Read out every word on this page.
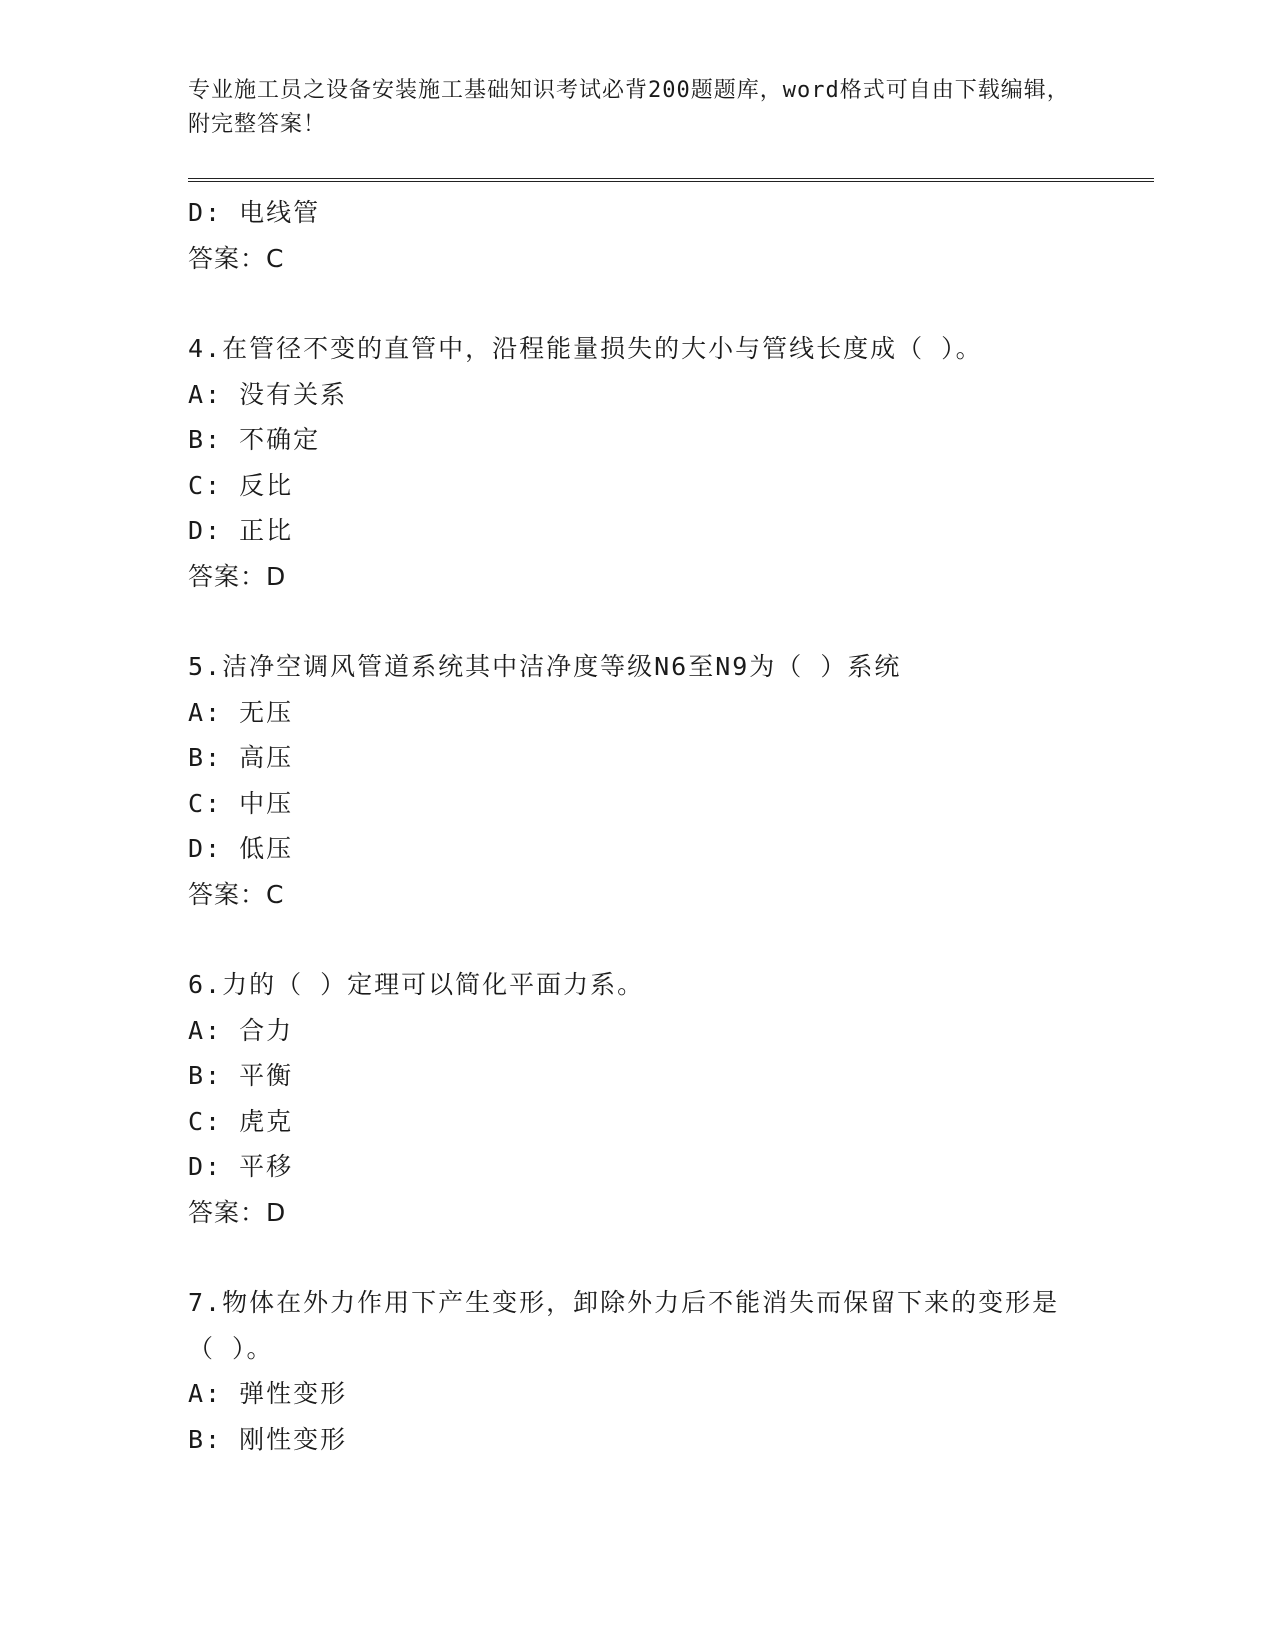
专业施工员之设备安装施工基础知识考试必背200题题库，word格式可自由下载编辑，附完整答案！
D: 电线管
答案：C
4.在管径不变的直管中，沿程能量损失的大小与管线长度成（ ）。
A: 没有关系
B: 不确定
C: 反比
D: 正比
答案：D
5.洁净空调风管道系统其中洁净度等级N6至N9为（ ）系统
A: 无压
B: 高压
C: 中压
D: 低压
答案：C
6.力的（ ）定理可以简化平面力系。
A: 合力
B: 平衡
C: 虎克
D: 平移
答案：D
7.物体在外力作用下产生变形，卸除外力后不能消失而保留下来的变形是（ ）。
A: 弹性变形
B: 刚性变形
